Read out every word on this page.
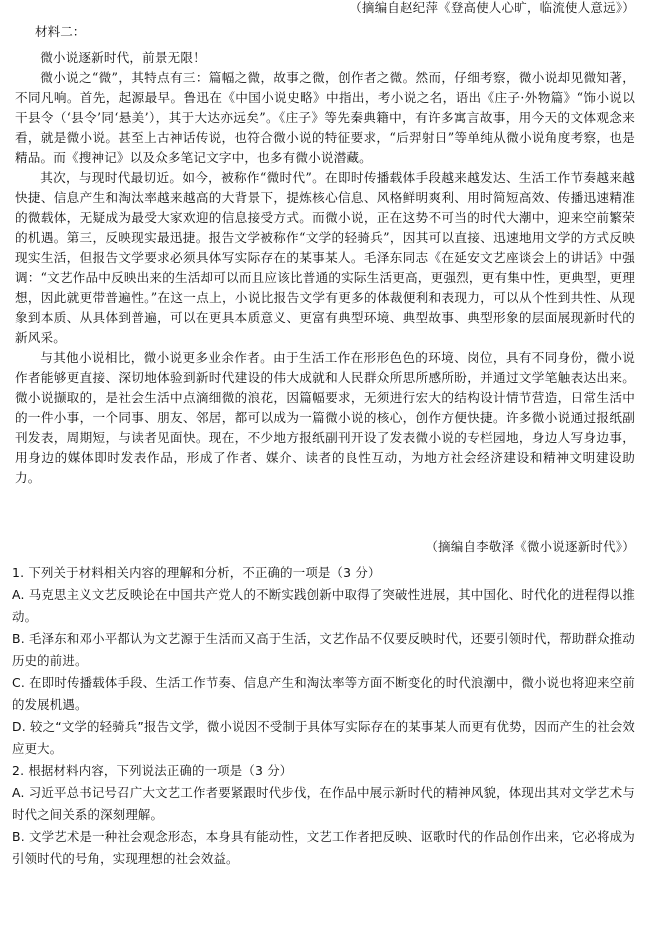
（摘编自赵纪萍《登高使人心旷，临流使人意远》）
材料二：

微小说逐新时代，前景无限！

微小说之“微”，其特点有三：篇幅之微，故事之微，创作者之微。然而，仔细考察，微小说却见微知著，不同凡响。首先，起源最早。鲁迅在《中国小说史略》中指出，考小说之名，语出《庄子·外物篇》“饰小说以干县令（‘县令’同‘悬美’），其于大达亦远矣”。《庄子》等先秦典籍中，有许多寓言故事，用今天的文体观念来看，就是微小说。甚至上古神话传说，也符合微小说的特征要求，“后羿射日”等单纯从微小说角度考察，也是精品。而《搜神记》以及众多笔记文字中，也多有微小说潜藏。

其次，与现时代最切近。如今，被称作“微时代”。在即时传播载体手段越来越发达、生活工作节奏越来越快捷、信息产生和淘汰率越来越高的大背景下，提炼核心信息、风格鲜明爽利、用时简短高效、传播迅速精准的微载体，无疑成为最受大家欢迎的信息接受方式。而微小说，正在这势不可当的时代大潮中，迎来空前繁荣的机遇。第三，反映现实最迅捷。报告文学被称作“文学的轻骑兵”，因其可以直接、迅速地用文学的方式反映现实生活，但报告文学要求必须具体写实际存在的某事某人。毛泽东同志《在延安文艺座谈会上的讲话》中强调：“文艺作品中反映出来的生活却可以而且应该比普通的实际生活更高，更强烈，更有集中性，更典型，更理想，因此就更带普遍性。”在这一点上，小说比报告文学有更多的体裁便利和表现力，可以从个性到共性、从现象到本质、从具体到普遍，可以在更具本质意义、更富有典型环境、典型故事、典型形象的层面展现新时代的新风采。

与其他小说相比，微小说更多业余作者。由于生活工作在形形色色的环境、岗位，具有不同身份，微小说作者能够更直接、深切地体验到新时代建设的伟大成就和人民群众所思所感所盼，并通过文学笔触表达出来。微小说撷取的，是社会生活中点滴细微的浪花，因篇幅要求，无须进行宏大的结构设计情节营造，日常生活中的一件小事，一个同事、朋友、邻居，都可以成为一篇微小说的核心，创作方便快捷。许多微小说通过报纸副刊发表，周期短，与读者见面快。现在，不少地方报纸副刊开设了发表微小说的专栏园地，身边人写身边事，用身边的媒体即时发表作品，形成了作者、媒介、读者的良性互动，为地方社会经济建设和精神文明建设助力。

（摘编自李敬泽《微小说逐新时代》）

1. 下列关于材料相关内容的理解和分析，不正确的一项是（3 分）

A. 马克思主义文艺反映论在中国共产党人的不断实践创新中取得了突破性进展，其中国化、时代化的进程得以推动。

B. 毛泽东和邓小平都认为文艺源于生活而又高于生活，文艺作品不仅要反映时代，还要引领时代，帮助群众推动历史的前进。

C. 在即时传播载体手段、生活工作节奏、信息产生和淘汰率等方面不断变化的时代浪潮中，微小说也将迎来空前的发展机遇。

D. 较之“文学的轻骑兵”报告文学，微小说因不受制于具体写实际存在的某事某人而更有优势，因而产生的社会效应更大。

2. 根据材料内容，下列说法正确的一项是（3 分）

A. 习近平总书记号召广大文艺工作者要紧跟时代步伐，在作品中展示新时代的精神风貌，体现出其对文学艺术与时代之间关系的深刻理解。

B. 文学艺术是一种社会观念形态，本身具有能动性，文艺工作者把反映、讴歌时代的作品创作出来，它必将成为引领时代的号角，实现理想的社会效益。
